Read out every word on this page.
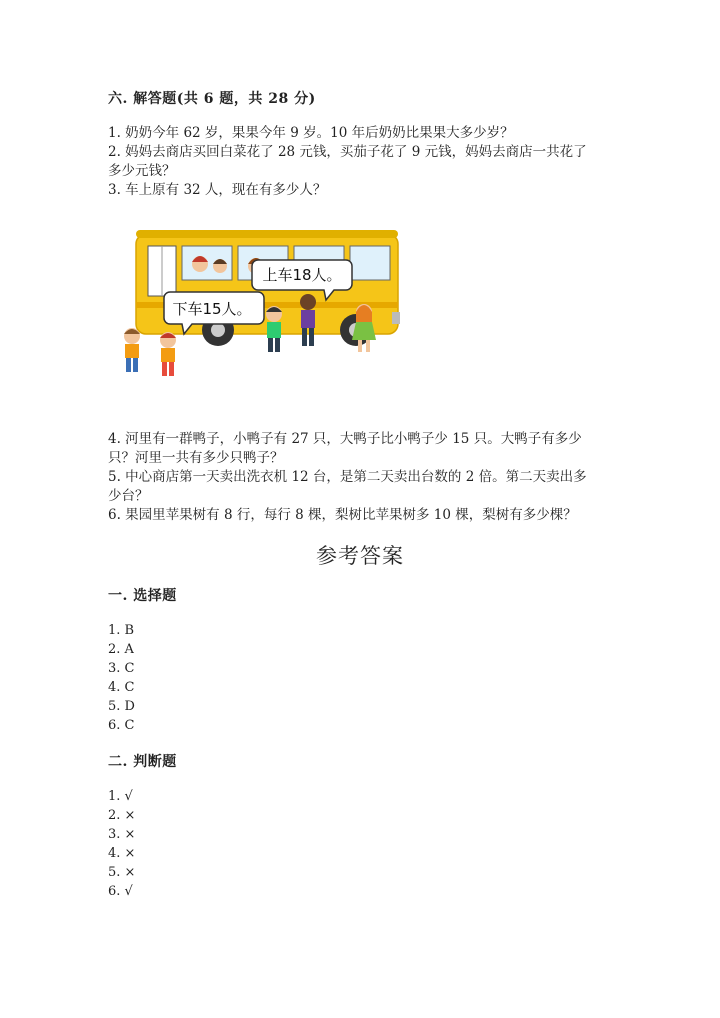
六. 解答题(共 6 题，共 28 分)
1. 奶奶今年 62 岁，果果今年 9 岁。10 年后奶奶比果果大多少岁？
2. 妈妈去商店买回白菜花了 28 元钱，买茄子花了 9 元钱，妈妈去商店一共花了
多少元钱？
3. 车上原有 32 人，现在有多少人？
上车18人。
下车15人。
4. 河里有一群鸭子，小鸭子有 27 只，大鸭子比小鸭子少 15 只。大鸭子有多少
只？河里一共有多少只鸭子？
5. 中心商店第一天卖出洗衣机 12 台，是第二天卖出台数的 2 倍。第二天卖出多
少台？
6. 果园里苹果树有 8 行，每行 8 棵，梨树比苹果树多 10 棵，梨树有多少棵？
参考答案
一. 选择题
1. B
2. A
3. C
4. C
5. D
6. C
二. 判断题
1. √
2. ×
3. ×
4. ×
5. ×
6. √
